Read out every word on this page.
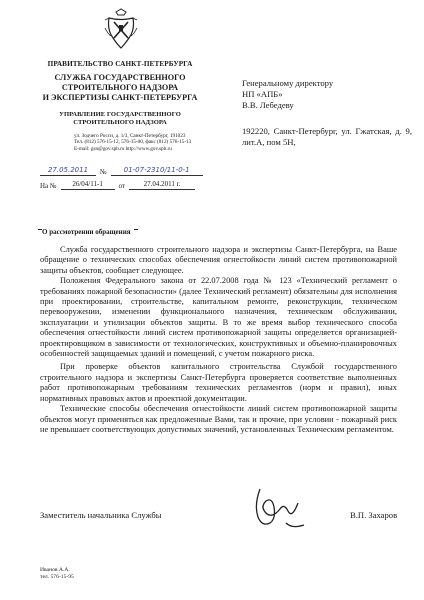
ПРАВИТЕЛЬСТВО САНКТ-ПЕТЕРБУРГА
СЛУЖБА ГОСУДАРСТВЕННОГО
СТРОИТЕЛЬНОГО НАДЗОРА
И ЭКСПЕРТИЗЫ САНКТ-ПЕТЕРБУРГА
УПРАВЛЕНИЕ ГОСУДАРСТВЕННОГО
СТРОИТЕЛЬНОГО НАДЗОРА
ул. Зодчего Росси, д. 1/3, Санкт-Петербург, 191023
Тел. (812) 576-15-12, 576-15-00, факс (812) 576-15-13
E-mail: gsn@gov.spb.ru http://www.gov.spb.ru
27.05.2011	№	01-07-2310/11-0-1
На №	26/04/11-1	от	27.04.2011 г.
Генеральному директору
НП «АПБ»
В.В. Лебедеву
192220, Санкт-Петербург, ул. Гжатская, д. 9, лит.А, пом 5Н,
О рассмотрении обращения

Служба государственного строительного надзора и экспертизы Санкт-Петербурга, на Ваше обращение о технических способах обеспечения огнестойкости линий систем противопожарной защиты объектов, сообщает следующее.

Положения Федерального закона от 22.07.2008 года № 123 «Технический регламент о требованиях пожарной безопасности» (далее Технический регламент) обязательны для исполнения при проектировании, строительстве, капитальном ремонте, реконструкции, техническом перевооружении, изменении функционального назначения, техническом обслуживании, эксплуатации и утилизации объектов защиты. В то же время выбор технического способа обеспечения огнестойкости линий систем противопожарной защиты определяется организацией-проектировщиком в зависимости от технологических, конструктивных и объемно-планировочных особенностей защищаемых зданий и помещений, с учетом пожарного риска.

При проверке объектов капитального строительства Службой государственного строительного надзора и экспертизы Санкт-Петербурга проверяется соответствие выполненных работ противопожарным требованиям технических регламентов (норм и правил), иных нормативных правовых актов и проектной документации.

Технические способы обеспечения огнестойкости линий систем противопожарной защиты объектов могут применяться как предложенные Вами, так и прочие, при условии - пожарный риск не превышает соответствующих допустимых значений, установленных Техническим регламентом.

Заместитель начальника Службы	В.П. Захаров
Иванов А.А.
тел. 576-15-95
